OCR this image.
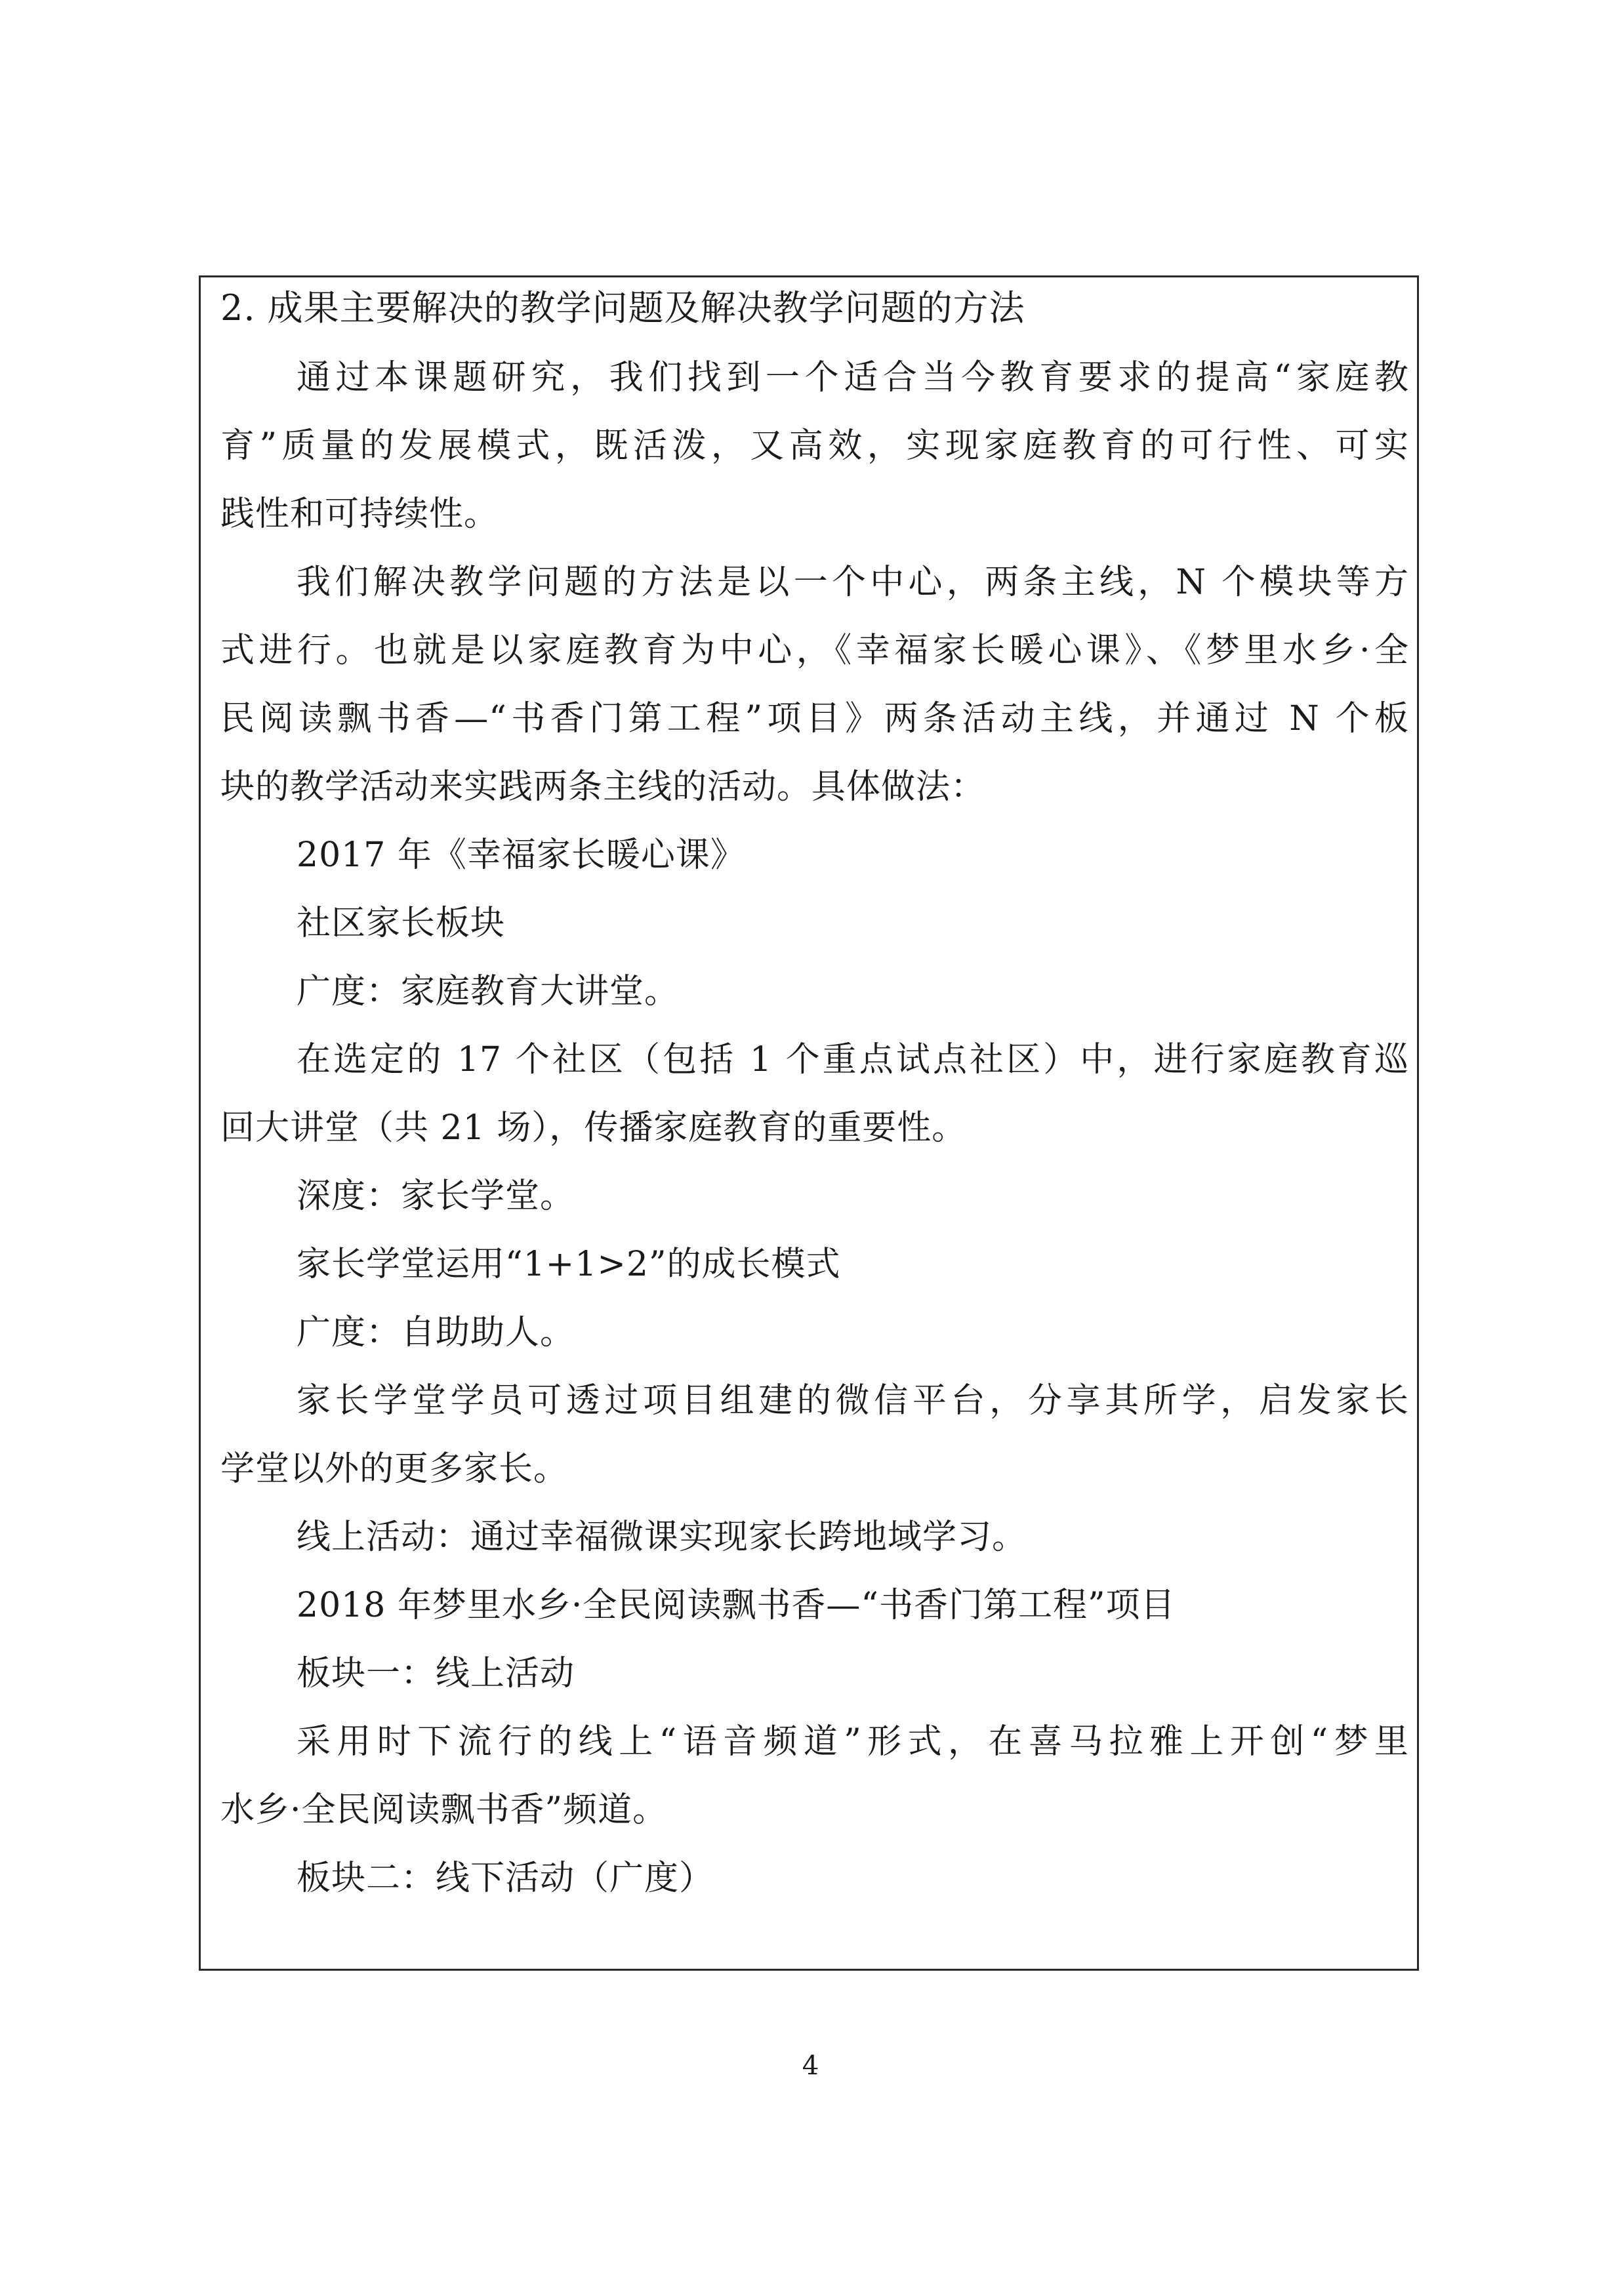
2. 成果主要解决的教学问题及解决教学问题的方法
通过本课题研究，我们找到一个适合当今教育要求的提高“家庭教
育”质量的发展模式，既活泼，又高效，实现家庭教育的可行性、可实
践性和可持续性。
我们解决教学问题的方法是以一个中心，两条主线，N 个模块等方
式进行。也就是以家庭教育为中心，《幸福家长暖心课》、《梦里水乡·全
民阅读飘书香—“书香门第工程”项目》两条活动主线，并通过 N 个板
块的教学活动来实践两条主线的活动。具体做法：
2017 年《幸福家长暖心课》
社区家长板块
广度：家庭教育大讲堂。
在选定的 17 个社区（包括 1 个重点试点社区）中，进行家庭教育巡
回大讲堂（共 21 场），传播家庭教育的重要性。
深度：家长学堂。
家长学堂运用“1+1>2”的成长模式
广度：自助助人。
家长学堂学员可透过项目组建的微信平台，分享其所学，启发家长
学堂以外的更多家长。
线上活动：通过幸福微课实现家长跨地域学习。
2018 年梦里水乡·全民阅读飘书香—“书香门第工程”项目
板块一：线上活动
采用时下流行的线上“语音频道”形式，在喜马拉雅上开创“梦里
水乡·全民阅读飘书香”频道。
板块二：线下活动（广度）
4
